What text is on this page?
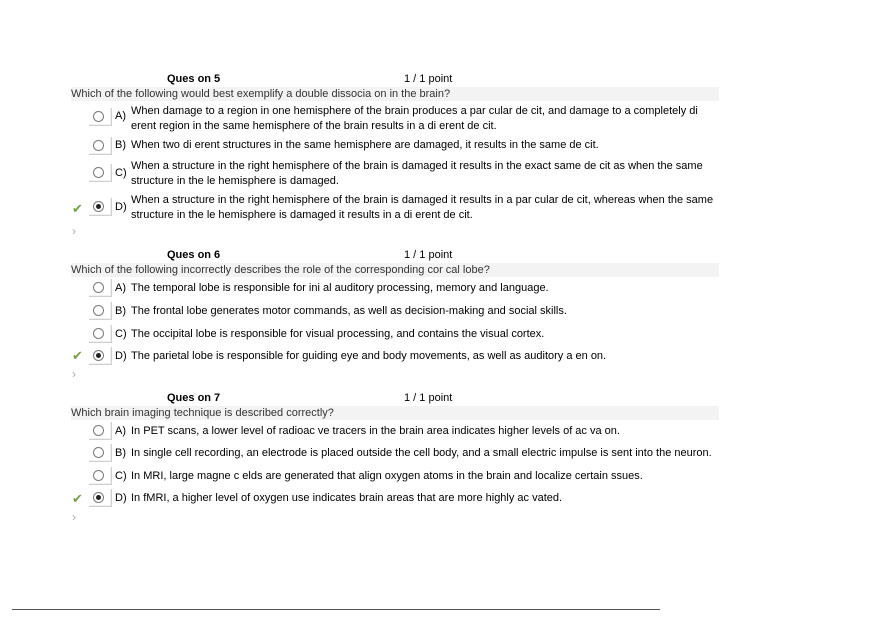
Ques on 5	1 / 1 point
Which of the following would best exemplify a double dissocia on in the brain?
A) When damage to a region in one hemisphere of the brain produces a par cular de cit, and damage to a completely di erent region in the same hemisphere of the brain results in a di erent de cit.
B) When two di erent structures in the same hemisphere are damaged, it results in the same de cit.
C)
When a structure in the right hemisphere of the brain is damaged it results in the exact same de cit as when the same structure in the le hemisphere is damaged.
✔	D)
When a structure in the right hemisphere of the brain is damaged it results in a par cular de cit, whereas when the same structure in the le hemisphere is damaged it results in a di erent de cit.
›
Ques on 6	1 / 1 point
Which of the following incorrectly describes the role of the corresponding cor cal lobe?
A) The temporal lobe is responsible for ini al auditory processing, memory and language.
B) The frontal lobe generates motor commands, as well as decision-making and social skills.
C) The occipital lobe is responsible for visual processing, and contains the visual cortex.
✔	D) The parietal lobe is responsible for guiding eye and body movements, as well as auditory a en on.
›
Ques on 7	1 / 1 point
Which brain imaging technique is described correctly?
A) In PET scans, a lower level of radioac ve tracers in the brain area indicates higher levels of ac va on.
B) In single cell recording, an electrode is placed outside the cell body, and a small electric impulse is sent into the neuron.
C) In MRI, large magne c elds are generated that align oxygen atoms in the brain and localize certain ssues.
✔	D) In fMRI, a higher level of oxygen use indicates brain areas that are more highly ac vated.
›
